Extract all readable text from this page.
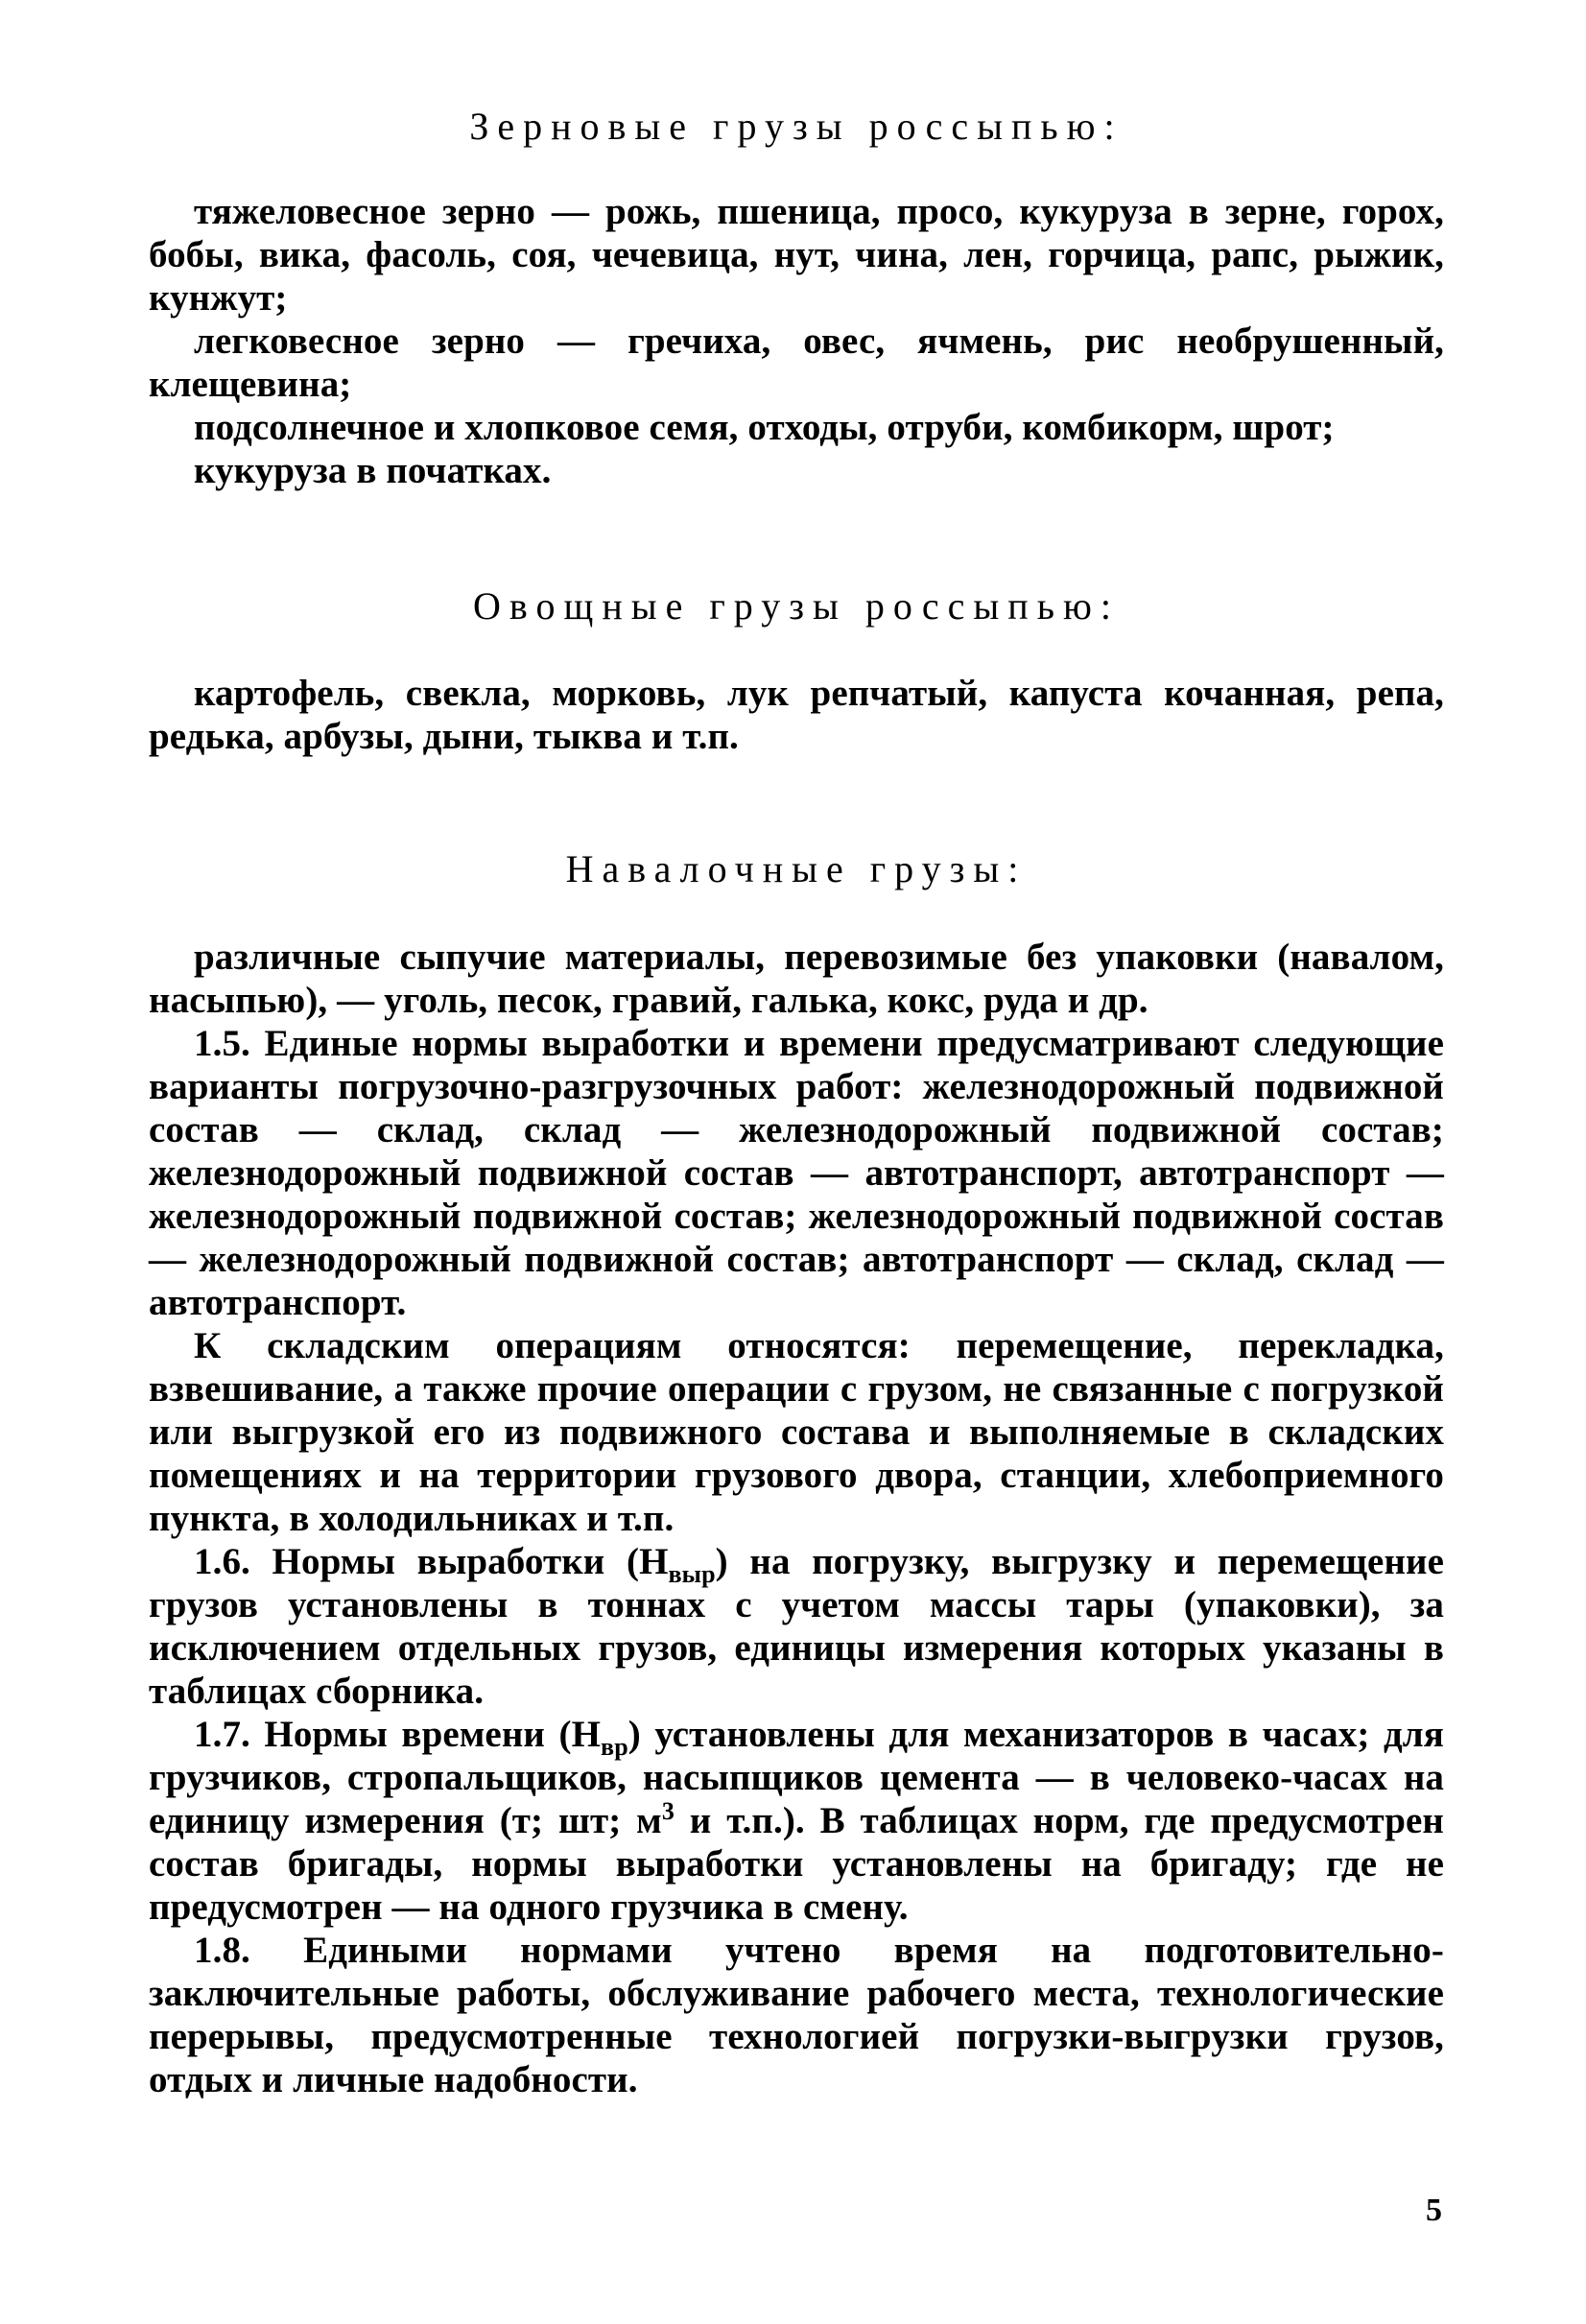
Зерновые грузы россыпью:

тяжеловесное зерно — рожь, пшеница, просо, кукуруза в зерне, горох, бобы, вика, фасоль, соя, чечевица, нут, чина, лен, горчица, рапс, рыжик, кунжут;

легковесное зерно — гречиха, овес, ячмень, рис необрушенный, клещевина;

подсолнечное и хлопковое семя, отходы, отруби, комбикорм, шрот;

кукуруза в початках.

Овощные грузы россыпью:

картофель, свекла, морковь, лук репчатый, капуста кочанная, репа, редька, арбузы, дыни, тыква и т.п.

Навалочные грузы:

различные сыпучие материалы, перевозимые без упаковки (навалом, насыпью), — уголь, песок, гравий, галька, кокс, руда и др.

1.5. Единые нормы выработки и времени предусматривают следующие варианты погрузочно-разгрузочных работ: железнодорожный подвижной состав — склад, склад — железнодорожный подвижной состав; железнодорожный подвижной состав — автотранспорт, автотранспорт — железнодорожный подвижной состав; железнодорожный подвижной состав — железнодорожный подвижной состав; автотранспорт — склад, склад — автотранспорт.

К складским операциям относятся: перемещение, перекладка, взвешивание, а также прочие операции с грузом, не связанные с погрузкой или выгрузкой его из подвижного состава и выполняемые в складских помещениях и на территории грузового двора, станции, хлебоприемного пункта, в холодильниках и т.п.

1.6. Нормы выработки $(Н_{выр})$ на погрузку, выгрузку и перемещение грузов установлены в тоннах с учетом массы тары (упаковки), за исключением отдельных грузов, единицы измерения которых указаны в таблицах сборника.

1.7. Нормы времени $(Н_{вр})$ установлены для механизаторов в часах; для грузчиков, стропальщиков, насыпщиков цемента — в человеко-часах на единицу измерения (т; шт; $м^3$ и т.п.). В таблицах норм, где предусмотрен состав бригады, нормы выработки установлены на бригаду; где не предусмотрен — на одного грузчика в смену.

1.8. Едиными нормами учтено время на подготовительно-заключительные работы, обслуживание рабочего места, технологические перерывы, предусмотренные технологией погрузки-выгрузки грузов, отдых и личные надобности.

5
